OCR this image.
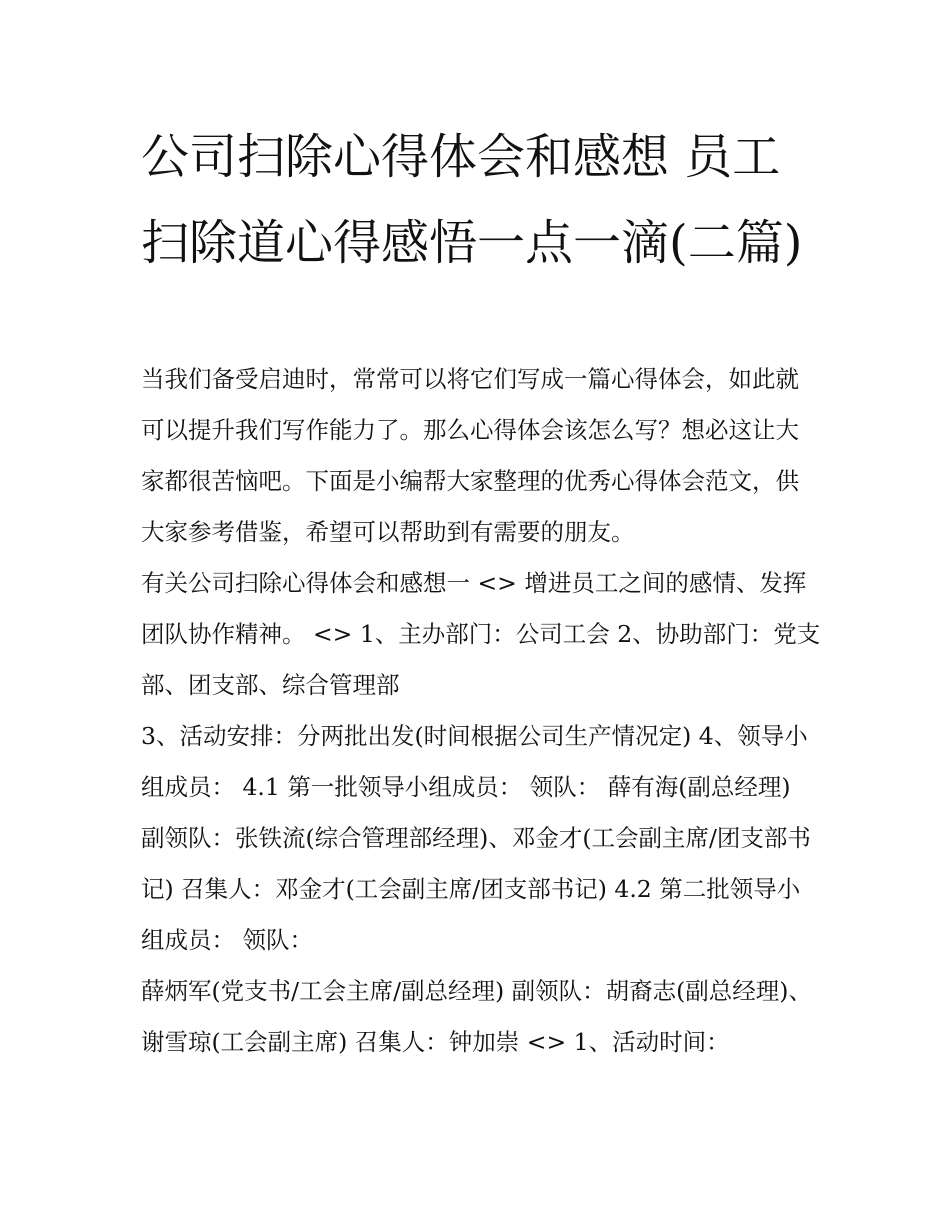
公司扫除心得体会和感想 员工扫除道心得感悟一点一滴(二篇)

当我们备受启迪时，常常可以将它们写成一篇心得体会，如此就可以提升我们写作能力了。那么心得体会该怎么写？想必这让大家都很苦恼吧。下面是小编帮大家整理的优秀心得体会范文，供大家参考借鉴，希望可以帮助到有需要的朋友。

有关公司扫除心得体会和感想一 <> 增进员工之间的感情、发挥团队协作精神。 <> 1、主办部门：公司工会 2、协助部门：党支部、团支部、综合管理部

3、活动安排：分两批出发(时间根据公司生产情况定) 4、领导小组成员： 4.1 第一批领导小组成员： 领队： 薛有海(副总经理)

副领队：张铁流(综合管理部经理)、邓金才(工会副主席/团支部书记) 召集人：邓金才(工会副主席/团支部书记) 4.2 第二批领导小组成员： 领队：

薛炳军(党支书/工会主席/副总经理) 副领队：胡裔志(副总经理)、谢雪琼(工会副主席) 召集人：钟加崇 <> 1、活动时间：
